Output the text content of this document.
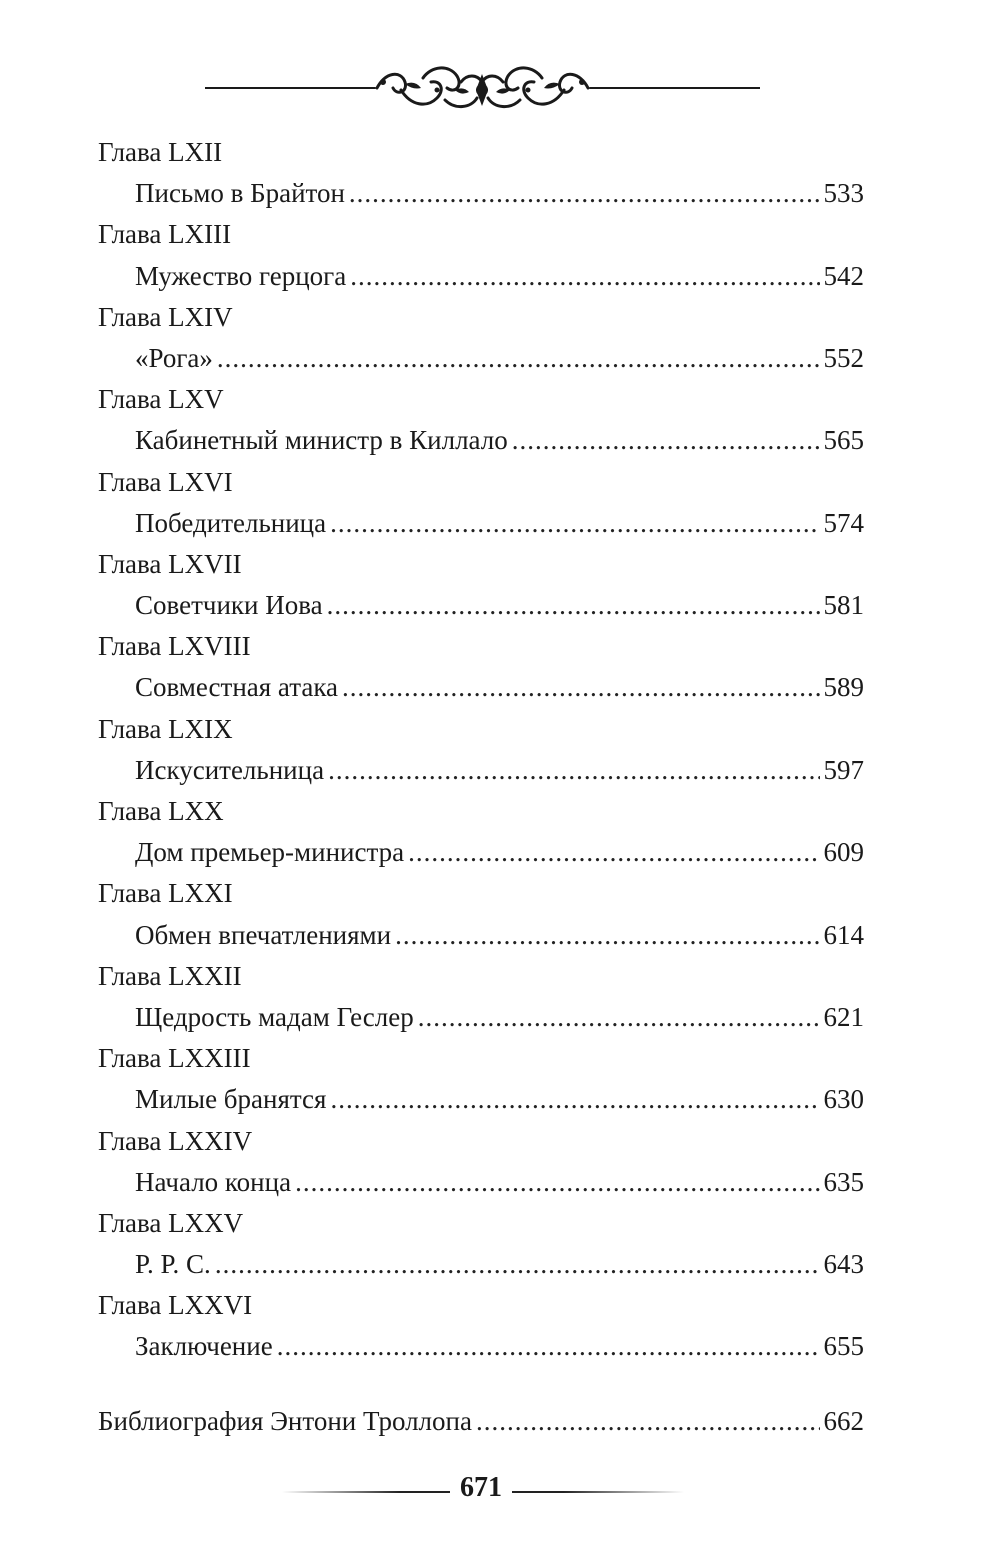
Глава LXII
Письмо в Брайтон .....	533
Глава LXIII
Мужество герцога .....	542
Глава LXIV
«Рога» .....	552
Глава LXV
Кабинетный министр в Киллало .....	565
Глава LXVI
Победительница .....	574
Глава LXVII
Советчики Иова .....	581
Глава LXVIII
Совместная атака .....	589
Глава LXIX
Искусительница .....	597
Глава LXX
Дом премьер-министра .....	609
Глава LXXI
Обмен впечатлениями .....	614
Глава LXXII
Щедрость мадам Геслер .....	621
Глава LXXIII
Милые бранятся .....	630
Глава LXXIV
Начало конца .....	635
Глава LXXV
P. P. C. .....	643
Глава LXXVI
Заключение .....	655
Библиография Энтони Троллопа .....	662
671
